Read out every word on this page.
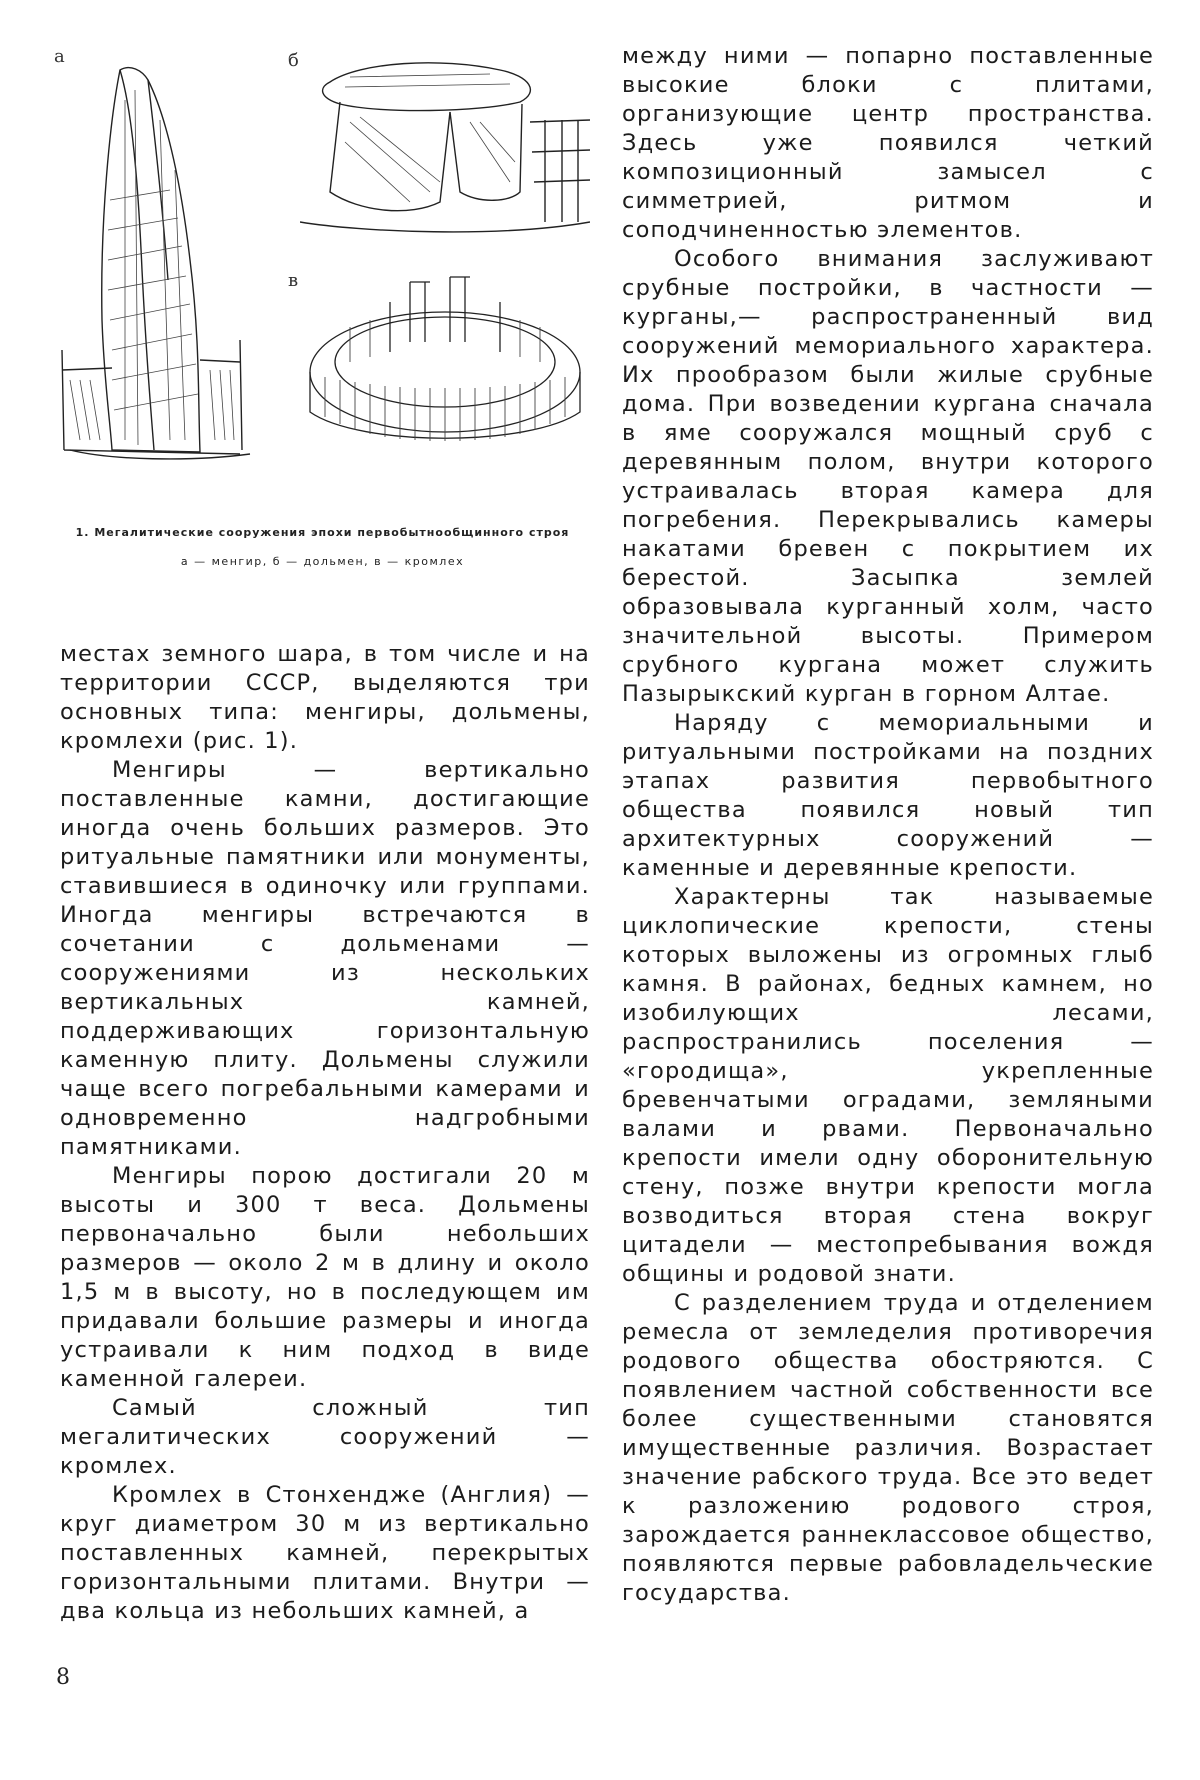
а	б
в
1. Мегалитические сооружения эпохи первобытнообщинного строя
а — менгир, б — дольмен, в — кромлех

местах земного шара, в том числе и на территории СССР, выделяются три основных типа: менгиры, дольмены, кромлехи (рис. 1).

Менгиры — вертикально поставленные камни, достигающие иногда очень больших размеров. Это ритуальные памятники или монументы, ставившиеся в одиночку или группами. Иногда менгиры встречаются в сочетании с дольменами — сооружениями из нескольких вертикальных камней, поддерживающих горизонтальную каменную плиту. Дольмены служили чаще всего погребальными камерами и одновременно надгробными памятниками.

Менгиры порою достигали 20 м высоты и 300 т веса. Дольмены первоначально были небольших размеров — около 2 м в длину и около 1,5 м в высоту, но в последующем им придавали большие размеры и иногда устраивали к ним подход в виде каменной галереи.

Самый сложный тип мегалитических сооружений — кромлех.

Кромлех в Стонхендже (Англия) — круг диаметром 30 м из вертикально поставленных камней, перекрытых горизонтальными плитами. Внутри — два кольца из небольших камней, а

между ними — попарно поставленные высокие блоки с плитами, организующие центр пространства. Здесь уже появился четкий композиционный замысел с симметрией, ритмом и соподчиненностью элементов.

Особого внимания заслуживают срубные постройки, в частности — курганы,— распространенный вид сооружений мемориального характера. Их прообразом были жилые срубные дома. При возведении кургана сначала в яме сооружался мощный сруб с деревянным полом, внутри которого устраивалась вторая камера для погребения. Перекрывались камеры накатами бревен с покрытием их берестой. Засыпка землей образовывала курганный холм, часто значительной высоты. Примером срубного кургана может служить Пазырыкский курган в горном Алтае.

Наряду с мемориальными и ритуальными постройками на поздних этапах развития первобытного общества появился новый тип архитектурных сооружений — каменные и деревянные крепости.

Характерны так называемые циклопические крепости, стены которых выложены из огромных глыб камня. В районах, бедных камнем, но изобилующих лесами, распространились поселения — «городища», укрепленные бревенчатыми оградами, земляными валами и рвами. Первоначально крепости имели одну оборонительную стену, позже внутри крепости могла возводиться вторая стена вокруг цитадели — местопребывания вождя общины и родовой знати.

С разделением труда и отделением ремесла от земледелия противоречия родового общества обостряются. С появлением частной собственности все более существенными становятся имущественные различия. Возрастает значение рабского труда. Все это ведет к разложению родового строя, зарождается раннеклассовое общество, появляются первые рабовладельческие государства.

8
